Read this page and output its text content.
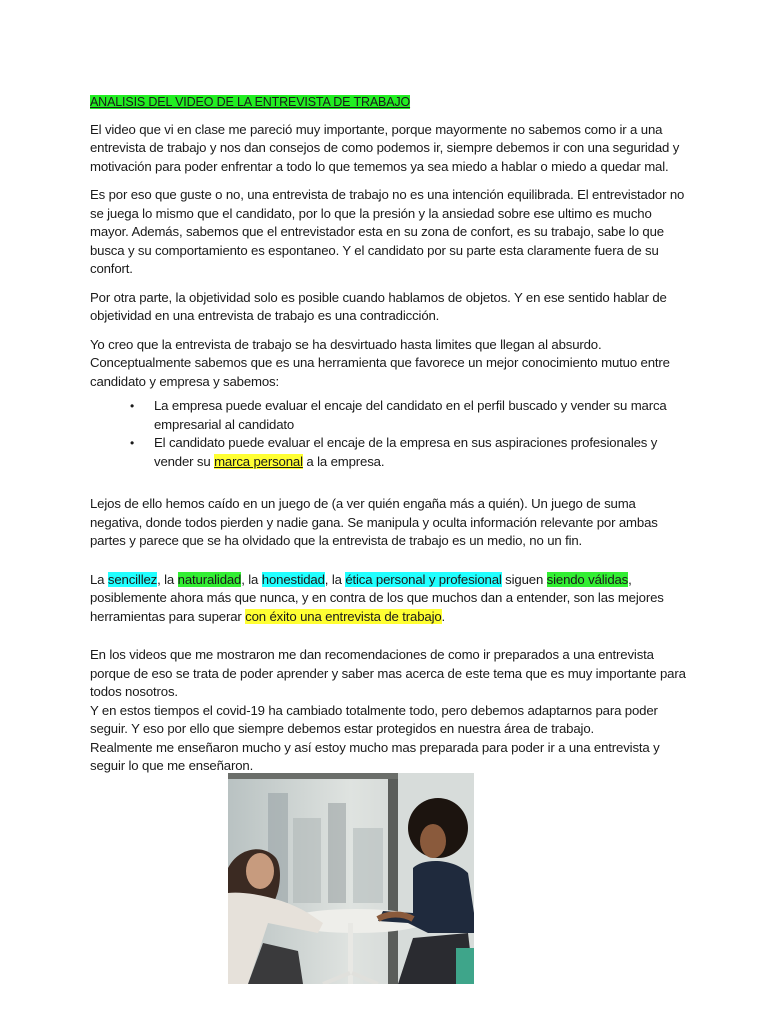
ANALISIS DEL VIDEO DE LA ENTREVISTA DE TRABAJO

El video que vi en clase me pareció muy importante, porque mayormente no sabemos como ir a una entrevista de trabajo y nos dan consejos de como podemos ir, siempre debemos ir con una seguridad y motivación para poder enfrentar a todo lo que tememos ya sea miedo a hablar o miedo a quedar mal.

Es por eso que guste o no, una entrevista de trabajo no es una intención equilibrada. El entrevistador no se juega lo mismo que el candidato, por lo que la presión y la ansiedad sobre ese ultimo es mucho mayor. Además, sabemos que el entrevistador esta en su zona de confort, es su trabajo, sabe lo que busca y su comportamiento es espontaneo. Y el candidato por su parte esta claramente fuera de su confort.

Por otra parte, la objetividad solo es posible cuando hablamos de objetos. Y en ese sentido hablar de objetividad en una entrevista de trabajo es una contradicción.

Yo creo que la entrevista de trabajo se ha desvirtuado hasta limites que llegan al absurdo. Conceptualmente sabemos que es una herramienta que favorece un mejor conocimiento mutuo entre candidato y empresa y sabemos:

• La empresa puede evaluar el encaje del candidato en el perfil buscado y vender su marca empresarial al candidato
• El candidato puede evaluar el encaje de la empresa en sus aspiraciones profesionales y vender su marca personal a la empresa.

Lejos de ello hemos caído en un juego de (a ver quién engaña más a quién). Un juego de suma negativa, donde todos pierden y nadie gana. Se manipula y oculta información relevante por ambas partes y parece que se ha olvidado que la entrevista de trabajo es un medio, no un fin.

La sencillez, la naturalidad, la honestidad, la ética personal y profesional siguen siendo válidas, posiblemente ahora más que nunca, y en contra de los que muchos dan a entender, son las mejores herramientas para superar con éxito una entrevista de trabajo.

En los videos que me mostraron me dan recomendaciones de como ir preparados a una entrevista porque de eso se trata de poder aprender y saber mas acerca de este tema que es muy importante para todos nosotros.

Y en estos tiempos el covid-19 ha cambiado totalmente todo, pero debemos adaptarnos para poder seguir. Y eso por ello que siempre debemos estar protegidos en nuestra área de trabajo.

Realmente me enseñaron mucho y así estoy mucho mas preparada para poder ir a una entrevista y seguir lo que me enseñaron.
